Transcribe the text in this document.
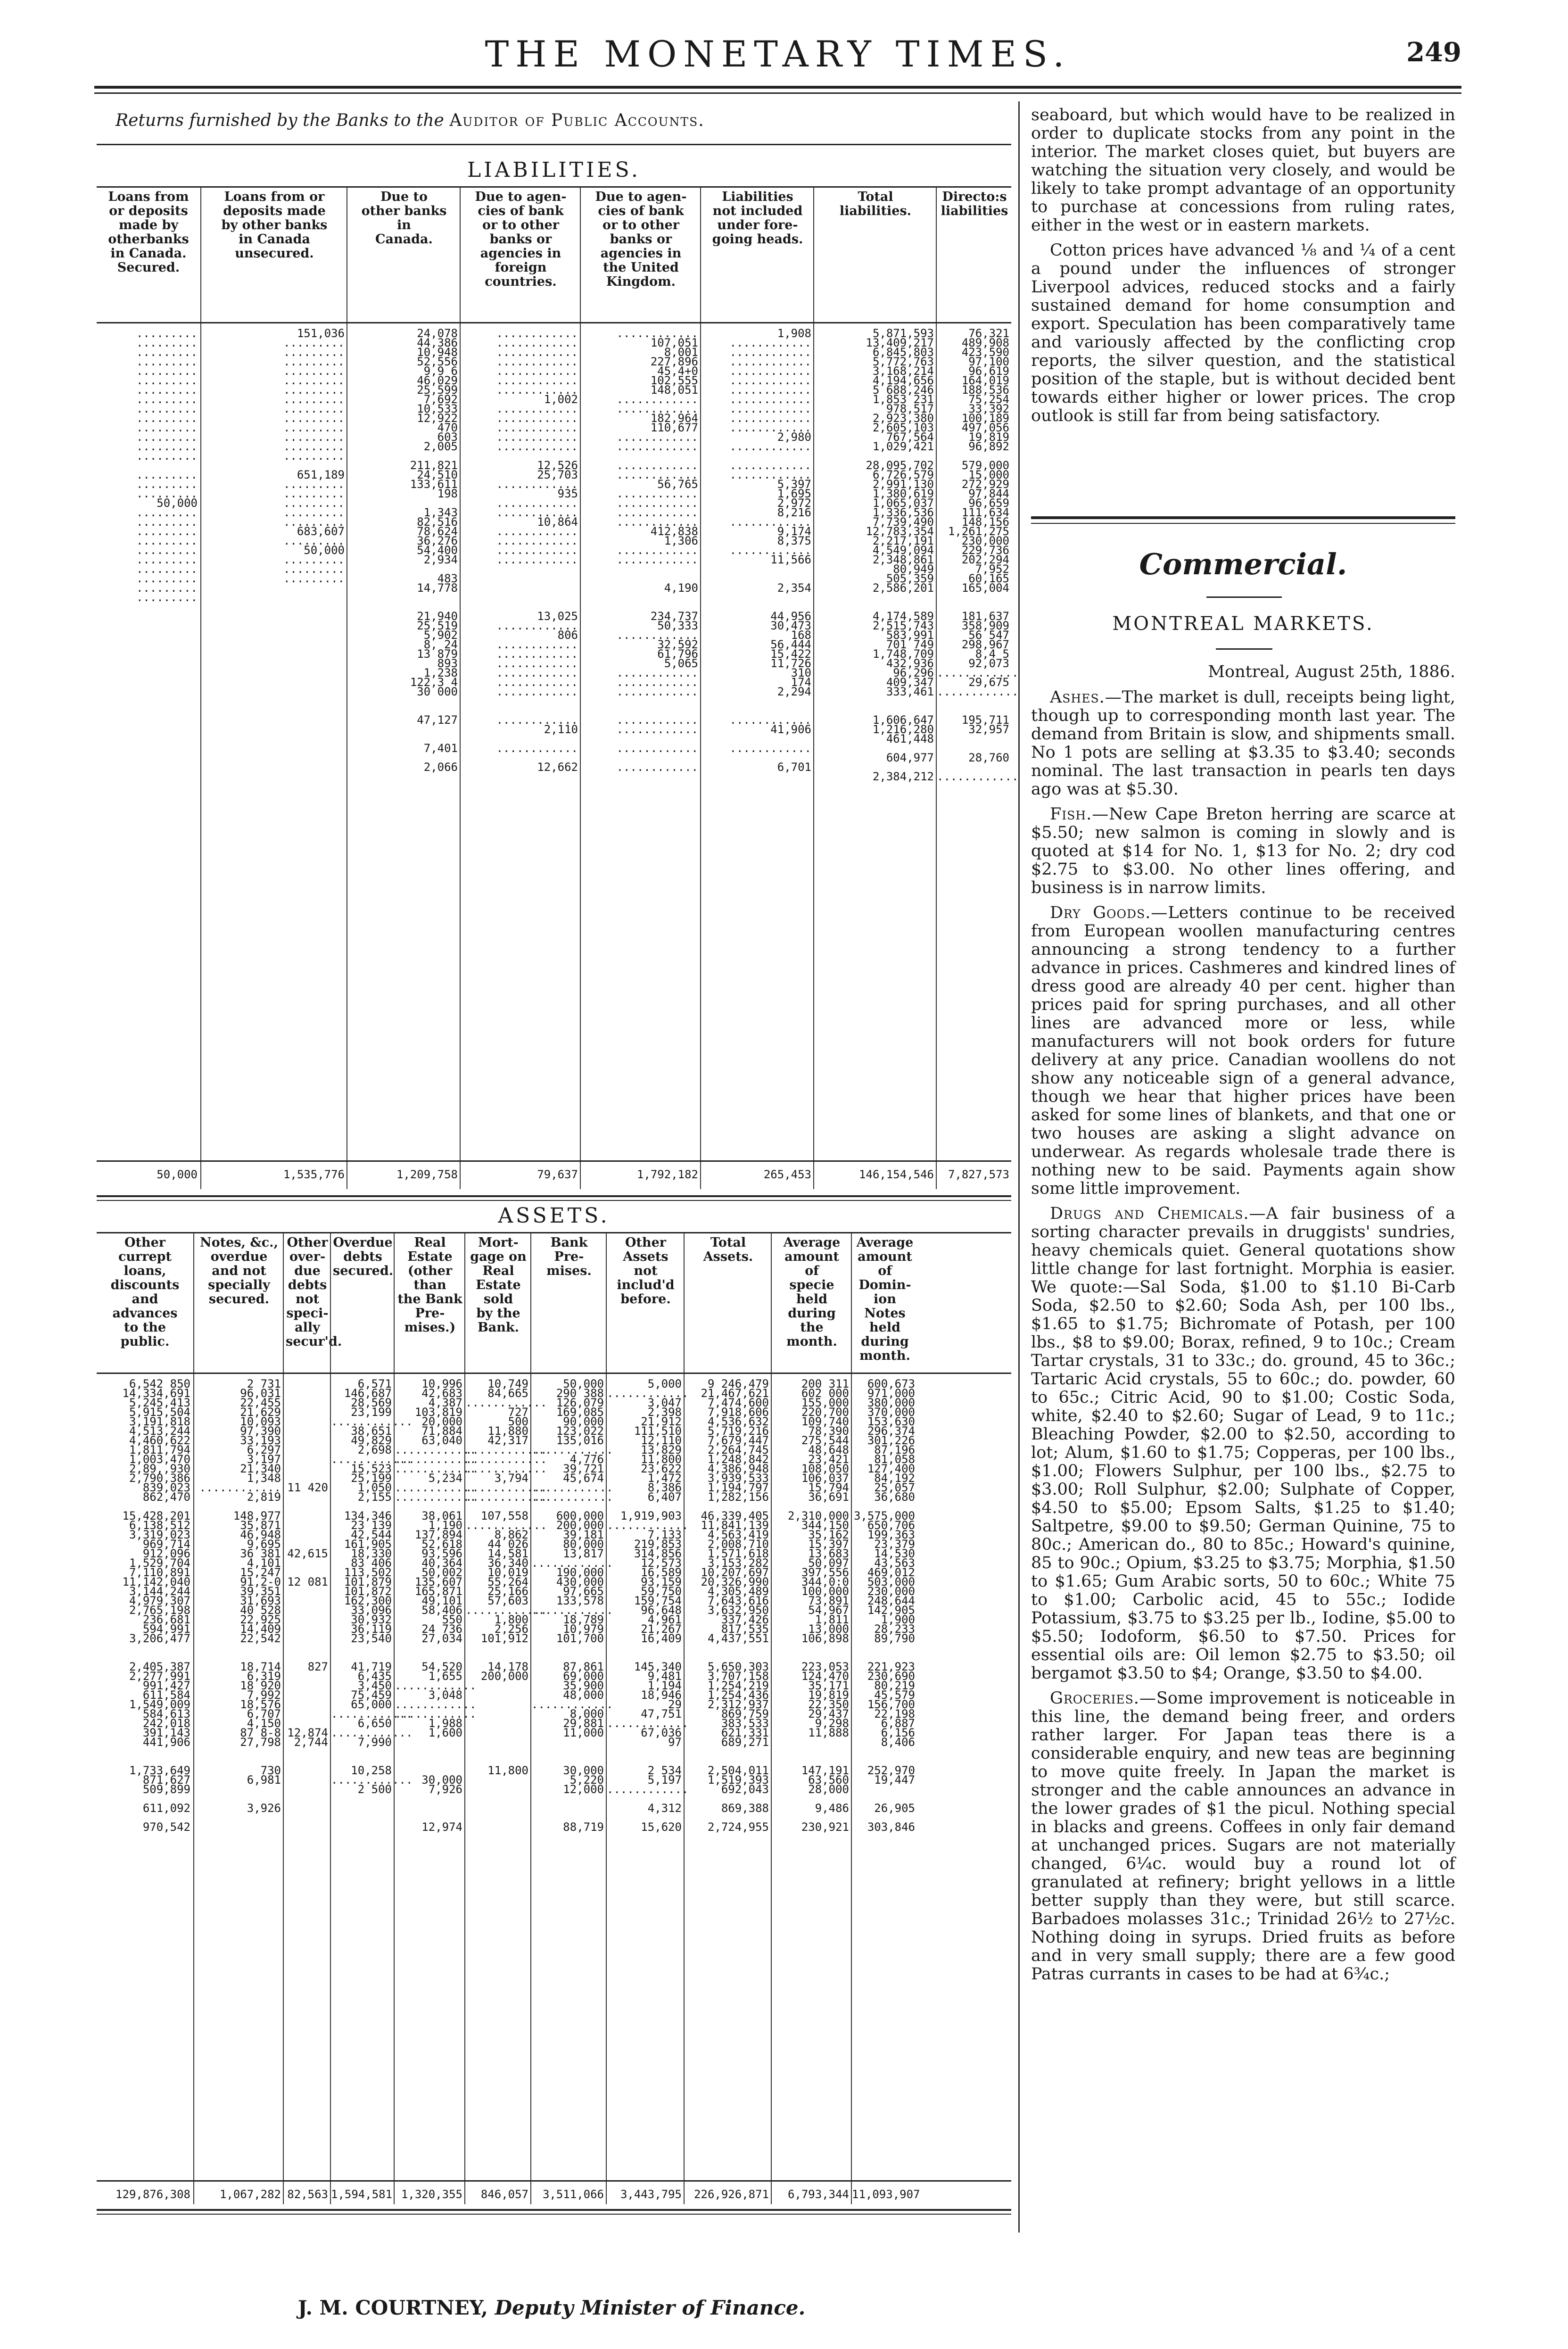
THE MONETARY TIMES.	249
Returns furnished by the Banks to the Auditor of Public Accounts.
LIABILITIES.
Loans from
or deposits
made by
otherbanks
in Canada.
Secured.
.........
.........
.........
.........
.........
.........
.........
.........
.........
.........
.........
.........
.........
.........

.........
.........
.........
50,000
.........
.........
.........
.........
.........
.........
.........
.........
.........
.........
50,000
Loans from or
deposits made
by other banks
in Canada
unsecured.
151,036
.........
.........
.........
.........
.........
.........
.........
.........
.........
.........
.........
.........
.........

651,189
.........
.........
.........
.........
.........
683,607
.........
50,000
.........
.........
.........
1,535,776
Due to
other banks
in
Canada.
24,078
44,386
10,948
52,556
9,9 6
46,029
25,599
7,692
10,533
12,922
470
603
2,005

211,821
24,510
133,611
198

1,343
82,516
78,624
36,276
54,400
2,934

483
14,778

21,940
25,519
5,902
8, 24
13 879
893
1,238
122,3 4
30 000

47,127

7,401

2,066
1,209,758
Due to agen-
cies of bank
or to other
banks or
agencies in
foreign
countries.
............
............
............
............
............
............
............
1,002
............
............
............
............
............

12,526
25,703
............
935
............
............
10,864
............
............
............
............

13,025
............
806
............
............
............
............
............
............

............
2,110

............

12,662
79,637
Due to agen-
cies of bank
or to other
banks or
agencies in
the United
Kingdom.
............
107,051
8,001
227,896
45,4+0
102,555
148,051
............
............
182,964
110,677
............
............

............
............
56,765
............
............
............
............
412,838
1,306
............
............

4,190

234,737
50,333
............
32,592
61,796
5,065
............
............
............

............
............

............

............
1,792,182
Liabilities
not included
under fore-
going heads.
1,908
............
............
............
............
............
............
............
............
............
............
2,980
............

............
............
5,397
1,695
2,972
8,216
............
9,174
8,375
............
11,566

2,354

44,956
30,473
168
56,444
15,422
11,726
310
174
2,294

............
41,906

............

6,701
265,453
Total
liabilities.
5,871,593
13,409,217
6,845,803
5,772,763
3,168,214
4,194,656
5 688,246
1,853 231
978,517
2,923,380
2,605,103
767,564
1,029,421

28,095,702
6,726,579
2,991,130
1,380,619
1,065,037
1,336,536
7,739,490
12,783,354
2,217,191
4,549,094
2,348,861
80,949
505,359
2,586,201

4,174,589
2,515,743
583,991
701 749
1,748,709
432,936
96,296
409,347
333,461

1,606,647
1,216,280
461,448

604,977

2,384,212
146,154,546
Directo:s
liabilities
76,321
489,908
423,590
97,100
96,619
164,019
188,536
75,254
33,392
100,189
497,056
19,819
96,892

579,000
15,000
272,929
97,844
96,659
111,634
148,156
1,261,275
230,000
229,736
202,294
7,952
60,165
165,004

181,637
358,909
56 547
298,967
8,4 5
92,073
............
29,675
............

195,711
32,957

28,760

............
7,827,573
ASSETS.
Other
currept
loans,
discounts
and
advances
to the
public.
6,542 850
14,334,691
5,245,413
5,915,504
3,191,818
4,513,244
4,460,622
1,811,794
1,003,470
2,89,,930
2,790,386
839,023
862,470

15,428,201
6,138,512
3,319,023
969,714
912,096
1,529,704
7,110,891
11,142,040
3,144,244
4,979,307
2,765,198
236,681
594,991
3,206,477

2,405,387
2,277,991
991,427
611,584
1,549,009
584,613
242,018
391,143
441,906

1,733,649
871,627
509,899

611,092

970,542
129,876,308
Notes, &c.,
overdue
and not
specially
secured.
2 731
96,031
22,455
21,629
10,093
97,390
33,193
6,297
3,197
21,340
1,348
............
2,819

148,977
35,871
46,948
9,695
36 381
4,101
15,247
91,2-0
39,351
31,693
40 528
22,925
14,409
22,542

18,714
6,319
18 920
7,992
18,576
6,707
4,150
87 8-8
27,798

730
6,981

3,926
1,067,282
Other
over-
due
debts
not
speci-
ally
secur'd.

11 420

42,615

12 081

827

12,874
2,744
82,563
Overdue
debts
secured.
6,571
146,687
28,569
23,199
............
38,651
49,829
2,698
............
15,523
25,199
1,050
2,155

134,346
23 139
42,544
161,905
18,330
83 406
113,502
101,879
101,872
162,300
33,096
30,932
36,119
23,540

41,719
6,435
3,450
75,459
65,000
............
6,650
............
7,990

10,258
............
2 500
1,594,581
Real
Estate
(other
than
the Bank
Pre-
mises.)
10,996
42,683
4,387
103,819
20,000
71,884
63,040
............
............
............
5,234
............
............

38,061
1,190
137,894
52,618
93,596
40,364
50,002
135,607
165,871
49,101
58,406
550
24 736
27,034

54,520
1,655
............
3,048
............
............
1,988
1,600

30,000
7,926

12,974
1,320,355
Mort-
gage on
Real
Estate
sold
by the
Bank.
10,749
84,665
............
727
500
11,880
42,317
............
............
............
3,794
............
............

107,558
............
8,862
44 026
14,581
36,340
10,019
55,264
25,166
57,603
............
1,800
2,256
101,912

14,178
200,000

11,800
846,057
Bank
Pre-
mises.
50,000
290 388
126,079
169,085
90,000
123,022
135,016
............
4,776
39,721
45,674
............
............

600,000
200,000
39,181
80,000
13,817
............
190,000
430,000
97,665
133,578
............
18,789
10,979
101,700

87,861
69,000
35,900
48,000
............
8,000
29,881
11,000

30,000
5,220
12,000

88,719
3,511,066
Other
Assets
not
includ'd
before.
5,000
............
3,047
2,398
21,912
111,510
12,110
13,829
11,800
23,622
1,472
8,386
6,407

1,919,903
............
7,133
219,853
314,856
12,573
16,589
93,159
59,750
159,754
96,648
4,961
21,267
16,409

145,340
9,481
1,194
18,946
29
47,751
............
67,036
97

2 534
5,197
............

4,312

15,620
3,443,795
Total
Assets.
9 246,479
21,467,621
7,474,600
7,918,606
4,536,632
5,719,216
7,679,447
2,264,745
1,248,842
4,386,948
3,939,533
1,194,797
1,282,156

46,339,405
11,841,139
4,563,419
2,008,710
1,571,618
3,153,282
10,207,697
20,326,990
4,305,489
7,643,616
3,632,950
337,426
817,535
4,437,551

5,650,303
3,707,158
1,254,219
1,254,436
2,312,937
869,759
383,533
621,331
689,271

2,504,011
1,519,393
692,043

869,388

2,724,955
226,926,871
Average
amount
of
specie
held
during
the
month.
200 311
602 000
155,000
220,700
109,740
78,390
275,544
48,648
23,421
108,050
106,037
15,794
36,691

2,310,000
344,150
35,162
15,397
13,683
50,097
397,556
344,0:0
100,000
73,891
54,967
1,811
13,000
106,898

223,053
124,470
35,171
19,819
22,350
29,437
9,298
11,888

147,191
63,560
28,000

9,486

230,921
6,793,344
Average
amount
of
Domin-
ion
Notes
held
during
month.
600,673
971,000
380,000
370,000
153,630
296,374
301,226
87,196
81,058
127,400
84,192
25,057
36,680

3,575,000
650,706
199,363
23,379
14,530
43,563
469,012
503,000
230,000
248,644
142,905
1,900
28,233
89,790

221,923
230,690
80,219
45,579
156,700
22,198
6,887
6,156
8,406

252,970
19,447

26,905

303,846
11,093,907

seaboard, but which would have to be realized in order to duplicate stocks from any point in the interior. The market closes quiet, but buyers are watching the situation very closely, and would be likely to take prompt advantage of an opportunity to purchase at concessions from ruling rates, either in the west or in eastern markets.

Cotton prices have advanced ⅛ and ¼ of a cent a pound under the influences of stronger Liverpool advices, reduced stocks and a fairly sustained demand for home consumption and export. Speculation has been comparatively tame and variously affected by the conflicting crop reports, the silver question, and the statistical position of the staple, but is without decided bent towards either higher or lower prices. The crop outlook is still far from being satisfactory.

Commercial.
MONTREAL MARKETS.
Montreal, August 25th, 1886.

Ashes.—The market is dull, receipts being light, though up to corresponding month last year. The demand from Britain is slow, and shipments small. No 1 pots are selling at $3.35 to $3.40; seconds nominal. The last transaction in pearls ten days ago was at $5.30.

Fish.—New Cape Breton herring are scarce at $5.50; new salmon is coming in slowly and is quoted at $14 for No. 1, $13 for No. 2; dry cod $2.75 to $3.00. No other lines offering, and business is in narrow limits.

Dry Goods.—Letters continue to be received from European woollen manufacturing centres announcing a strong tendency to a further advance in prices. Cashmeres and kindred lines of dress good are already 40 per cent. higher than prices paid for spring purchases, and all other lines are advanced more or less, while manufacturers will not book orders for future delivery at any price. Canadian woollens do not show any noticeable sign of a general advance, though we hear that higher prices have been asked for some lines of blankets, and that one or two houses are asking a slight advance on underwear. As regards wholesale trade there is nothing new to be said. Payments again show some little improvement.

Drugs and Chemicals.—A fair business of a sorting character prevails in druggists' sundries, heavy chemicals quiet. General quotations show little change for last fortnight. Morphia is easier. We quote:—Sal Soda, $1.00 to $1.10 Bi-Carb Soda, $2.50 to $2.60; Soda Ash, per 100 lbs., $1.65 to $1.75; Bichromate of Potash, per 100 lbs., $8 to $9.00; Borax, refined, 9 to 10c.; Cream Tartar crystals, 31 to 33c.; do. ground, 45 to 36c.; Tartaric Acid crystals, 55 to 60c.; do. powder, 60 to 65c.; Citric Acid, 90 to $1.00; Costic Soda, white, $2.40 to $2.60; Sugar of Lead, 9 to 11c.; Bleaching Powder, $2.00 to $2.50, according to lot; Alum, $1.60 to $1.75; Copperas, per 100 lbs., $1.00; Flowers Sulphur, per 100 lbs., $2.75 to $3.00; Roll Sulphur, $2.00; Sulphate of Copper, $4.50 to $5.00; Epsom Salts, $1.25 to $1.40; Saltpetre, $9.00 to $9.50; German Quinine, 75 to 80c.; American do., 80 to 85c.; Howard's quinine, 85 to 90c.; Opium, $3.25 to $3.75; Morphia, $1.50 to $1.65; Gum Arabic sorts, 50 to 60c.; White 75 to $1.00; Carbolic acid, 45 to 55c.; Iodide Potassium, $3.75 to $3.25 per lb., Iodine, $5.00 to $5.50; Iodoform, $6.50 to $7.50. Prices for essential oils are: Oil lemon $2.75 to $3.50; oil bergamot $3.50 to $4; Orange, $3.50 to $4.00.

Groceries.—Some improvement is noticeable in this line, the demand being freer, and orders rather larger. For Japan teas there is a considerable enquiry, and new teas are beginning to move quite freely. In Japan the market is stronger and the cable announces an advance in the lower grades of $1 the picul. Nothing special in blacks and greens. Coffees in only fair demand at unchanged prices. Sugars are not materially changed, 6¼c. would buy a round lot of granulated at refinery; bright yellows in a little better supply than they were, but still scarce. Barbadoes molasses 31c.; Trinidad 26½ to 27½c. Nothing doing in syrups. Dried fruits as before and in very small supply; there are a few good Patras currants in cases to be had at 6¾c.;

J. M. COURTNEY, Deputy Minister of Finance.
